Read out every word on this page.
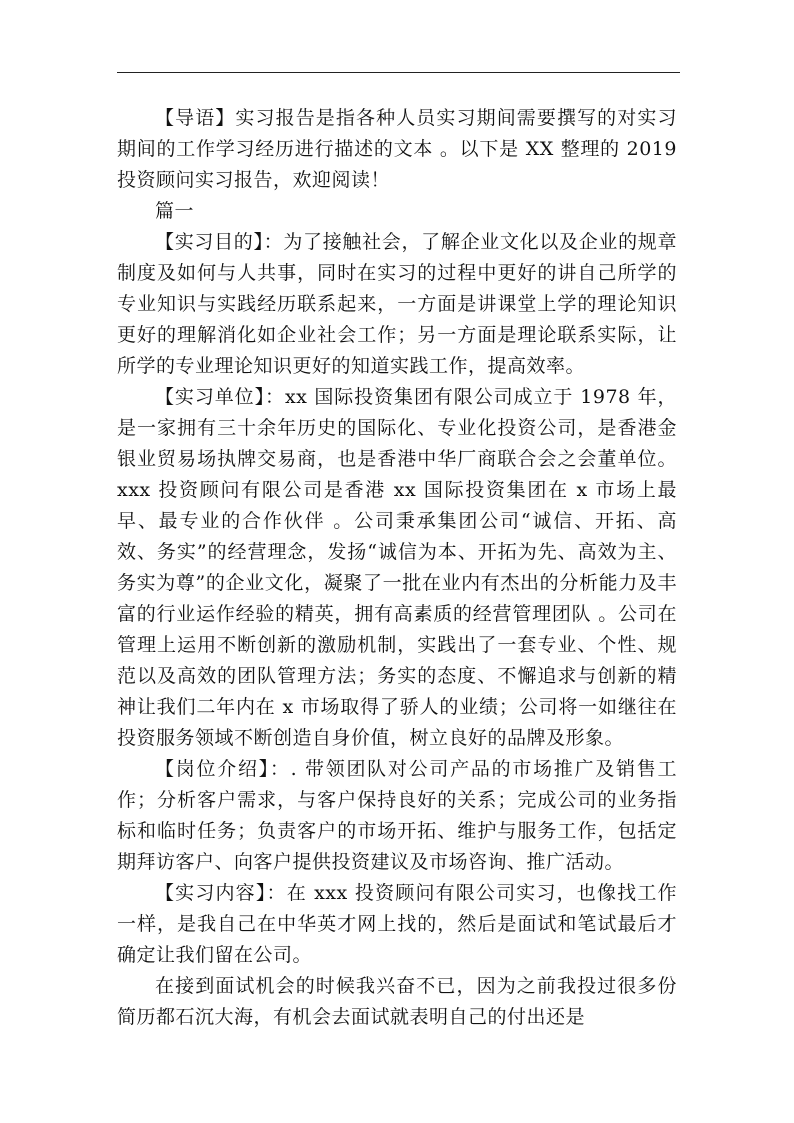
【导语】实习报告是指各种人员实习期间需要撰写的对实习期间的工作学习经历进行描述的文本 。以下是 XX 整理的 2019 投资顾问实习报告，欢迎阅读！

篇一

【实习目的】：为了接触社会，了解企业文化以及企业的规章制度及如何与人共事，同时在实习的过程中更好的讲自己所学的专业知识与实践经历联系起来，一方面是讲课堂上学的理论知识更好的理解消化如企业社会工作；另一方面是理论联系实际，让所学的专业理论知识更好的知道实践工作，提高效率。

【实习单位】：xx 国际投资集团有限公司成立于 1978 年，是一家拥有三十余年历史的国际化、专业化投资公司，是香港金银业贸易场执牌交易商，也是香港中华厂商联合会之会董单位。xxx 投资顾问有限公司是香港 xx 国际投资集团在 x 市场上最早、最专业的合作伙伴 。公司秉承集团公司“诚信、开拓、高效、务实”的经营理念，发扬“诚信为本、开拓为先、高效为主、务实为尊”的企业文化，凝聚了一批在业内有杰出的分析能力及丰富的行业运作经验的精英，拥有高素质的经营管理团队 。公司在管理上运用不断创新的激励机制，实践出了一套专业、个性、规范以及高效的团队管理方法；务实的态度、不懈追求与创新的精神让我们二年内在 x 市场取得了骄人的业绩；公司将一如继往在投资服务领域不断创造自身价值，树立良好的品牌及形象。

【岗位介绍】：. 带领团队对公司产品的市场推广及销售工作；分析客户需求，与客户保持良好的关系；完成公司的业务指标和临时任务；负责客户的市场开拓、维护与服务工作，包括定期拜访客户、向客户提供投资建议及市场咨询、推广活动。

【实习内容】：在 xxx 投资顾问有限公司实习，也像找工作一样，是我自己在中华英才网上找的，然后是面试和笔试最后才确定让我们留在公司。

在接到面试机会的时候我兴奋不已，因为之前我投过很多份简历都石沉大海，有机会去面试就表明自己的付出还是
